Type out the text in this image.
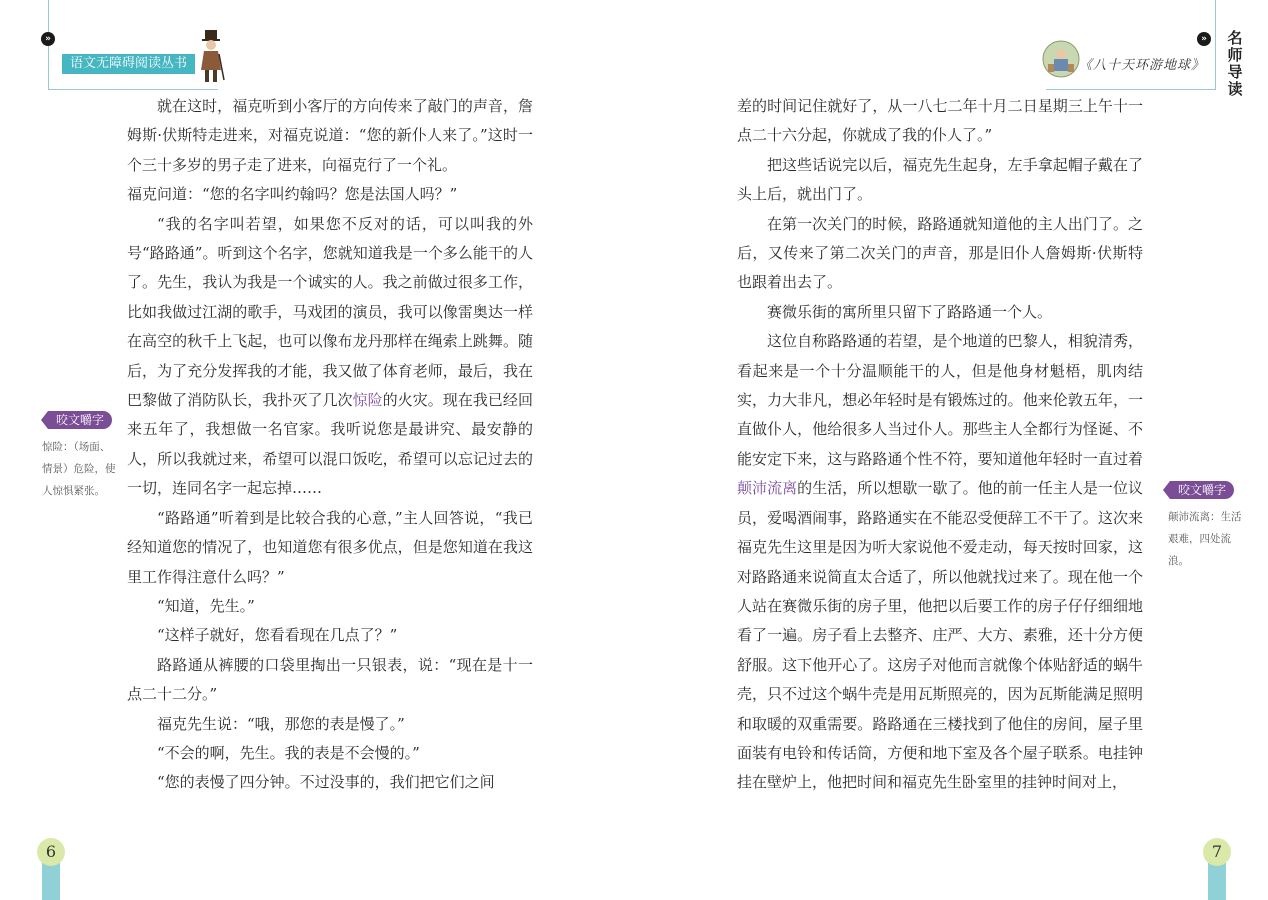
»
语文无障碍阅读丛书

就在这时，福克听到小客厅的方向传来了敲门的声音，詹姆斯·伏斯特走进来，对福克说道：“您的新仆人来了。”这时一个三十多岁的男子走了进来，向福克行了一个礼。

福克问道：“您的名字叫约翰吗？您是法国人吗？”

“我的名字叫若望，如果您不反对的话，可以叫我的外号“路路通”。听到这个名字，您就知道我是一个多么能干的人了。先生，我认为我是一个诚实的人。我之前做过很多工作，比如我做过江湖的歌手，马戏团的演员，我可以像雷奥达一样在高空的秋千上飞起，也可以像布龙丹那样在绳索上跳舞。随后，为了充分发挥我的才能，我又做了体育老师，最后，我在巴黎做了消防队长，我扑灭了几次惊险的火灾。现在我已经回来五年了，我想做一名官家。我听说您是最讲究、最安静的人，所以我就过来，希望可以混口饭吃，希望可以忘记过去的一切，连同名字一起忘掉……

“路路通”听着到是比较合我的心意，”主人回答说，“我已经知道您的情况了，也知道您有很多优点，但是您知道在我这里工作得注意什么吗？”

“知道，先生。”

“这样子就好，您看看现在几点了？”

路路通从裤腰的口袋里掏出一只银表，说：“现在是十一点二十二分。”

福克先生说：“哦，那您的表是慢了。”

“不会的啊，先生。我的表是不会慢的。”

“您的表慢了四分钟。不过没事的，我们把它们之间

咬文嚼字
惊险：（场面、情景）危险，使人惊惧紧张。
6
»
《八十天环游地球》
名
师
导
读

差的时间记住就好了，从一八七二年十月二日星期三上午十一点二十六分起，你就成了我的仆人了。”

把这些话说完以后，福克先生起身，左手拿起帽子戴在了头上后，就出门了。

在第一次关门的时候，路路通就知道他的主人出门了。之后，又传来了第二次关门的声音，那是旧仆人詹姆斯·伏斯特也跟着出去了。

赛微乐街的寓所里只留下了路路通一个人。

这位自称路路通的若望，是个地道的巴黎人，相貌清秀，看起来是一个十分温顺能干的人，但是他身材魁梧，肌肉结实，力大非凡，想必年轻时是有锻炼过的。他来伦敦五年，一直做仆人，他给很多人当过仆人。那些主人全都行为怪诞、不能安定下来，这与路路通个性不符，要知道他年轻时一直过着颠沛流离的生活，所以想歇一歇了。他的前一任主人是一位议员，爱喝酒闹事，路路通实在不能忍受便辞工不干了。这次来福克先生这里是因为听大家说他不爱走动，每天按时回家，这对路路通来说简直太合适了，所以他就找过来了。现在他一个人站在赛微乐街的房子里，他把以后要工作的房子仔仔细细地看了一遍。房子看上去整齐、庄严、大方、素雅，还十分方便舒服。这下他开心了。这房子对他而言就像个体贴舒适的蜗牛壳，只不过这个蜗牛壳是用瓦斯照亮的，因为瓦斯能满足照明和取暖的双重需要。路路通在三楼找到了他住的房间，屋子里面装有电铃和传话筒，方便和地下室及各个屋子联系。电挂钟挂在壁炉上，他把时间和福克先生卧室里的挂钟时间对上，

咬文嚼字
颠沛流离：生活艰难，四处流浪。
7
